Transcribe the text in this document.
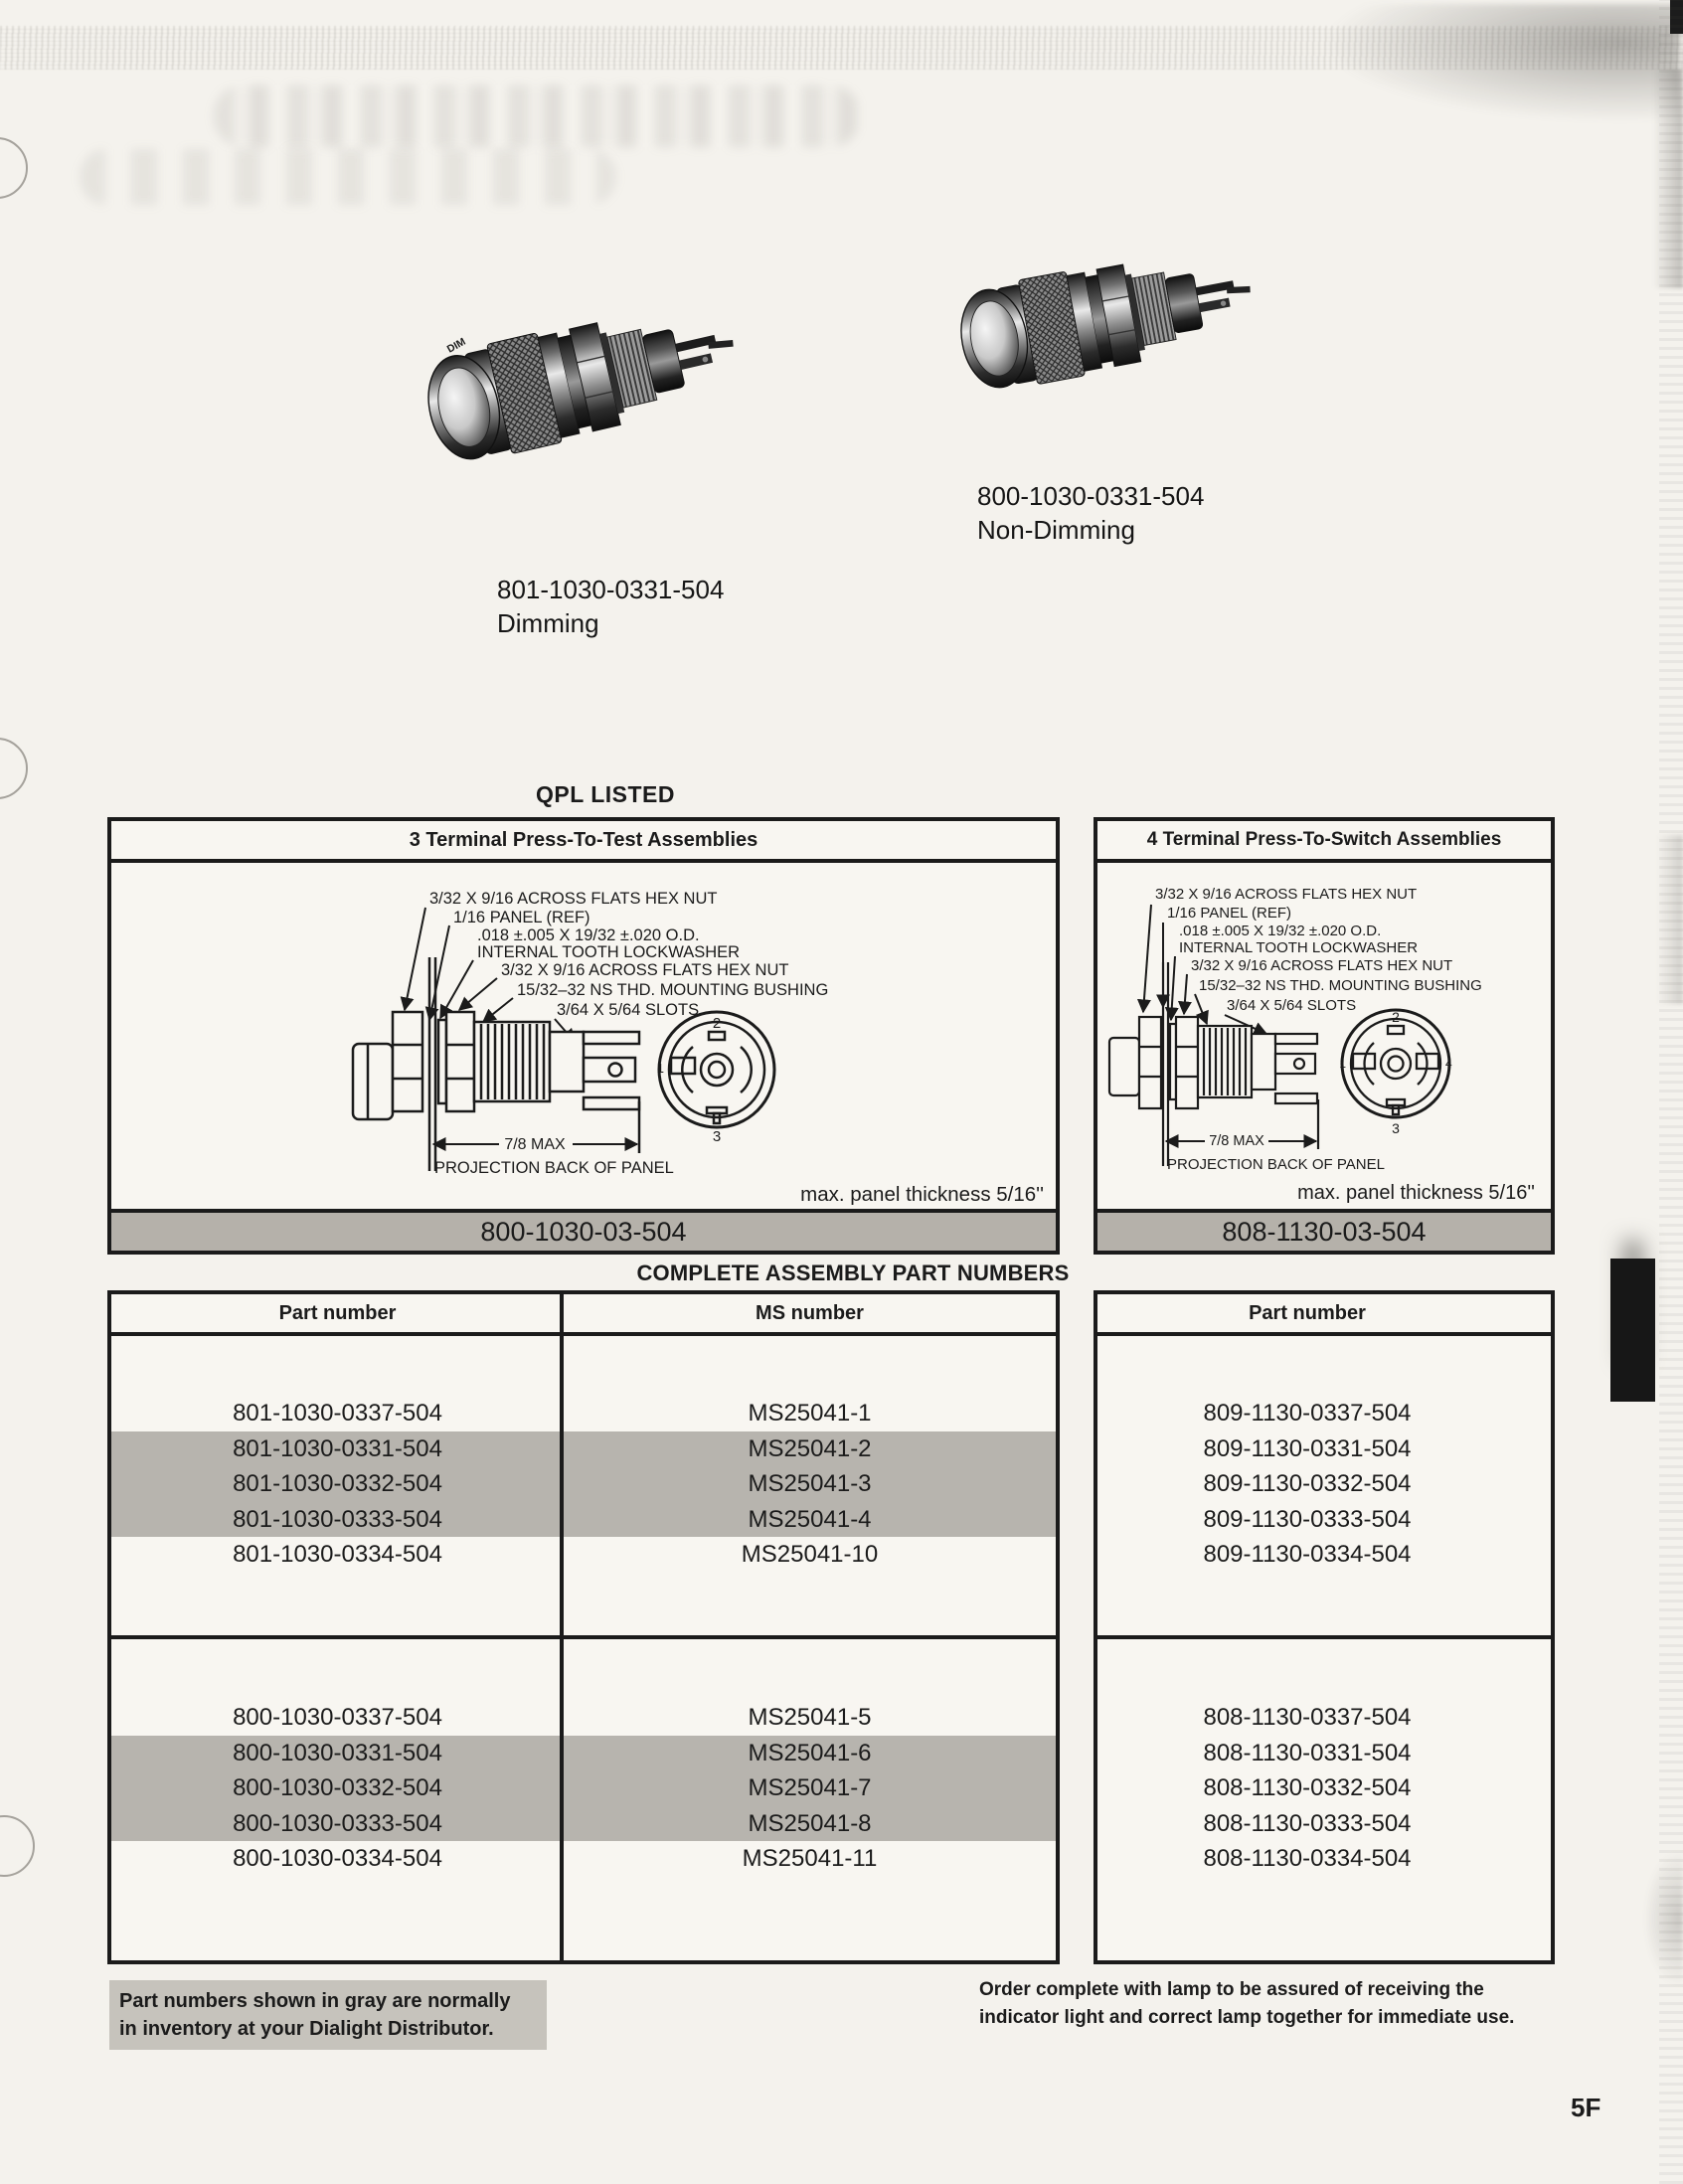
DIM
801-1030-0331-504
Dimming
800-1030-0331-504
Non-Dimming
QPL LISTED
3 Terminal Press-To-Test Assemblies
3/32 X 9/16 ACROSS FLATS HEX NUT
1/16 PANEL (REF)
.018 ±.005 X 19/32 ±.020 O.D.
INTERNAL TOOTH LOCKWASHER
3/32 X 9/16 ACROSS FLATS HEX NUT
15/32–32 NS THD. MOUNTING BUSHING
3/64 X 5/64 SLOTS
7/8 MAX
PROJECTION BACK OF PANEL
2
1
3
max. panel thickness 5/16''
800-1030-03-504
4 Terminal Press-To-Switch Assemblies
3/32 X 9/16 ACROSS FLATS HEX NUT
1/16 PANEL (REF)
.018 ±.005 X 19/32 ±.020 O.D.
INTERNAL TOOTH LOCKWASHER
3/32 X 9/16 ACROSS FLATS HEX NUT
15/32–32 NS THD. MOUNTING BUSHING
3/64 X 5/64 SLOTS
7/8 MAX
PROJECTION BACK OF PANEL
2
1	4
3
max. panel thickness 5/16''
808-1130-03-504
COMPLETE ASSEMBLY PART NUMBERS
Part number	MS number
801-1030-0337-504	MS25041-1
801-1030-0331-504	MS25041-2
801-1030-0332-504	MS25041-3
801-1030-0333-504	MS25041-4
801-1030-0334-504	MS25041-10
800-1030-0337-504	MS25041-5
800-1030-0331-504	MS25041-6
800-1030-0332-504	MS25041-7
800-1030-0333-504	MS25041-8
800-1030-0334-504	MS25041-11
Part number
809-1130-0337-504
809-1130-0331-504
809-1130-0332-504
809-1130-0333-504
809-1130-0334-504
808-1130-0337-504
808-1130-0331-504
808-1130-0332-504
808-1130-0333-504
808-1130-0334-504
Part numbers shown in gray are normally
in inventory at your Dialight Distributor.
Order complete with lamp to be assured of receiving the
indicator light and correct lamp together for immediate use.
5F
